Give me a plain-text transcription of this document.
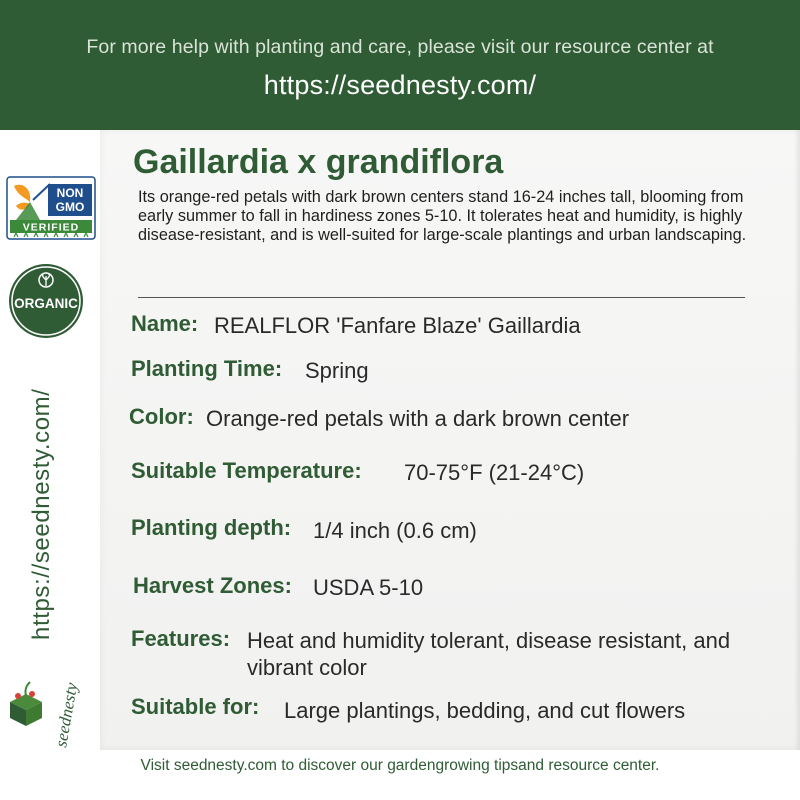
For more help with planting and care, please visit our resource center at
https://seednesty.com/
NON
GMO
VERIFIED
ORGANIC
https://seednesty.com/
seednesty
Gaillardia x grandiflora
Its orange-red petals with dark brown centers stand 16-24 inches tall, blooming from early summer to fall in hardiness zones 5-10. It tolerates heat and humidity, is highly disease-resistant, and is well-suited for large-scale plantings and urban landscaping.
Name: REALFLOR 'Fanfare Blaze' Gaillardia
Planting Time: Spring
Color: Orange-red petals with a dark brown center
Suitable Temperature: 70-75°F (21-24°C)
Planting depth: 1/4 inch (0.6 cm)
Harvest Zones: USDA 5-10
Features: Heat and humidity tolerant, disease resistant, and vibrant color
Suitable for: Large plantings, bedding, and cut flowers
Visit seednesty.com to discover our gardengrowing tipsand resource center.
